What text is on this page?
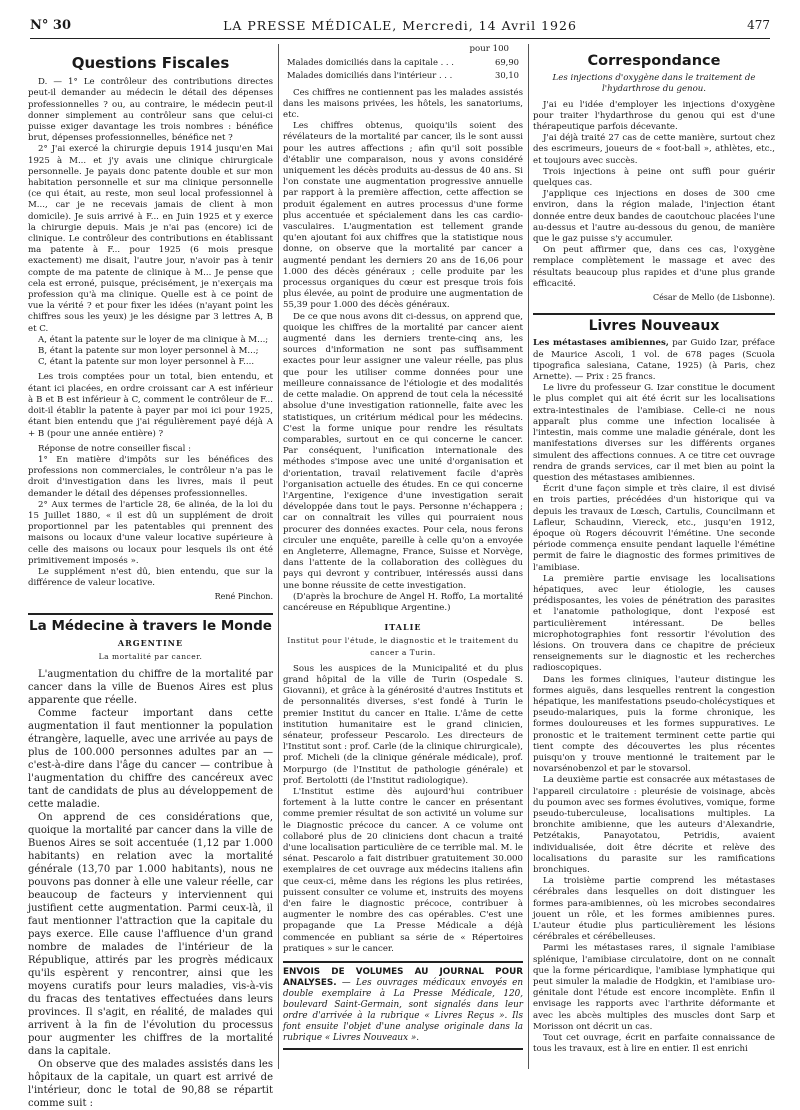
N° 30	LA PRESSE MÉDICALE, Mercredi, 14 Avril 1926	477
Questions Fiscales

D. — 1° Le contrôleur des contributions directes peut-il demander au médecin le détail des dépenses professionnelles ? ou, au contraire, le médecin peut-il donner simplement au contrôleur sans que celui-ci puisse exiger davantage les trois nombres : bénéfice brut, dépenses professionnelles, bénéfice net ?

2° J'ai exercé la chirurgie depuis 1914 jusqu'en Mai 1925 à M... et j'y avais une clinique chirurgicale personnelle. Je payais donc patente double et sur mon habitation personnelle et sur ma clinique personnelle (ce qui était, au reste, mon seul local professionnel à M..., car je ne recevais jamais de client à mon domicile). Je suis arrivé à F... en Juin 1925 et y exerce la chirurgie depuis. Mais je n'ai pas (encore) ici de clinique. Le contrôleur des contributions en établissant ma patente à F... pour 1925 (6 mois presque exactement) me disait, l'autre jour, n'avoir pas à tenir compte de ma patente de clinique à M... Je pense que cela est erroné, puisque, précisément, je n'exerçais ma profession qu'à ma clinique. Quelle est à ce point de vue la vérité ? et pour fixer les idées (n'ayant point les chiffres sous les yeux) je les désigne par 3 lettres A, B et C.

A, étant la patente sur le loyer de ma clinique à M...;

B, étant la patente sur mon loyer personnel à M...;

C, étant la patente sur mon loyer personnel à F....

Les trois comptées pour un total, bien entendu, et étant ici placées, en ordre croissant car A est inférieur à B et B est inférieur à C, comment le contrôleur de F... doit-il établir la patente à payer par moi ici pour 1925, étant bien entendu que j'ai régulièrement payé déjà A + B (pour une année entière) ?

Réponse de notre conseiller fiscal :

1° En matière d'impôts sur les bénéfices des professions non commerciales, le contrôleur n'a pas le droit d'investigation dans les livres, mais il peut demander le détail des dépenses professionnelles.

2° Aux termes de l'article 28, 6e alinéa, de la loi du 15 Juillet 1880, « il est dû un supplément de droit proportionnel par les patentables qui prennent des maisons ou locaux d'une valeur locative supérieure à celle des maisons ou locaux pour lesquels ils ont été primitivement imposés ».

Le supplément n'est dû, bien entendu, que sur la différence de valeur locative.

René Pinchon.
La Médecine à travers le Monde
ARGENTINE
La mortalité par cancer.

L'augmentation du chiffre de la mortalité par cancer dans la ville de Buenos Aires est plus apparente que réelle.

Comme facteur important dans cette augmentation il faut mentionner la population étrangère, laquelle, avec une arrivée au pays de plus de 100.000 personnes adultes par an — c'est-à-dire dans l'âge du cancer — contribue à l'augmentation du chiffre des cancéreux avec tant de candidats de plus au développement de cette maladie.

On apprend de ces considérations que, quoique la mortalité par cancer dans la ville de Buenos Aires se soit accentuée (1,12 par 1.000 habitants) en relation avec la mortalité générale (13,70 par 1.000 habitants), nous ne pouvons pas donner à elle une valeur réelle, car beaucoup de facteurs y interviennent qui justifient cette augmentation. Parmi ceux-là, il faut mentionner l'attraction que la capitale du pays exerce. Elle cause l'affluence d'un grand nombre de malades de l'intérieur de la République, attirés par les progrès médicaux qu'ils espèrent y rencontrer, ainsi que les moyens curatifs pour leurs maladies, vis-à-vis du fracas des tentatives effectuées dans leurs provinces. Il s'agit, en réalité, de malades qui arrivent à la fin de l'évolution du processus pour augmenter les chiffres de la mortalité dans la capitale.

On observe que des malades assistés dans les hôpitaux de la capitale, un quart est arrivé de l'intérieur, donc le total de 90,88 se répartit comme suit :

pour 100
Malades domiciliés dans la capitale . . .	69,90
Malades domiciliés dans l'intérieur . . .	30,10

Ces chiffres ne contiennent pas les malades assistés dans les maisons privées, les hôtels, les sanatoriums, etc.

Les chiffres obtenus, quoiqu'ils soient des révélateurs de la mortalité par cancer, ils le sont aussi pour les autres affections ; afin qu'il soit possible d'établir une comparaison, nous y avons considéré uniquement les décès produits au-dessus de 40 ans. Si l'on constate une augmentation progressive annuelle par rapport à la première affection, cette affection se produit également en autres processus d'une forme plus accentuée et spécialement dans les cas cardio-vasculaires. L'augmentation est tellement grande qu'en ajoutant foi aux chiffres que la statistique nous donne, on observe que la mortalité par cancer a augmenté pendant les derniers 20 ans de 16,06 pour 1.000 des décès généraux ; celle produite par les processus organiques du cœur est presque trois fois plus élevée, au point de produire une augmentation de 55,39 pour 1.000 des décès généraux.

De ce que nous avons dit ci-dessus, on apprend que, quoique les chiffres de la mortalité par cancer aient augmenté dans les derniers trente-cinq ans, les sources d'information ne sont pas suffisamment exactes pour leur assigner une valeur réelle, pas plus que pour les utiliser comme données pour une meilleure connaissance de l'étiologie et des modalités de cette maladie. On apprend de tout cela la nécessité absolue d'une investigation rationnelle, faite avec les statistiques, un critérium médical pour les médecins. C'est la forme unique pour rendre les résultats comparables, surtout en ce qui concerne le cancer. Par conséquent, l'unification internationale des méthodes s'impose avec une unité d'organisation et d'orientation, travail relativement facile d'après l'organisation actuelle des études. En ce qui concerne l'Argentine, l'exigence d'une investigation serait développée dans tout le pays. Personne n'échappera ; car on connaîtrait les villes qui pourraient nous procurer des données exactes. Pour cela, nous ferons circuler une enquête, pareille à celle qu'on a envoyée en Angleterre, Allemagne, France, Suisse et Norvège, dans l'attente de la collaboration des collègues du pays qui devront y contribuer, intéressés aussi dans une bonne réussite de cette investigation.

(D'après la brochure de Angel H. Roffo, La mortalité cancéreuse en République Argentine.)

ITALIE
Institut pour l'étude, le diagnostic et le traitement du cancer a Turin.

Sous les auspices de la Municipalité et du plus grand hôpital de la ville de Turin (Ospedale S. Giovanni), et grâce à la générosité d'autres Instituts et de personnalités diverses, s'est fondé à Turin le premier Institut du cancer en Italie. L'âme de cette institution humanitaire est le grand clinicien, sénateur, professeur Pescarolo. Les directeurs de l'Institut sont : prof. Carle (de la clinique chirurgicale), prof. Micheli (de la clinique générale médicale), prof. Morpurgo (de l'Institut de pathologie générale) et prof. Bertolotti (de l'Institut radiologique).

L'Institut estime dès aujourd'hui contribuer fortement à la lutte contre le cancer en présentant comme premier résultat de son activité un volume sur le Diagnostic précoce du cancer. A ce volume ont collaboré plus de 20 cliniciens dont chacun a traité d'une localisation particulière de ce terrible mal. M. le sénat. Pescarolo a fait distribuer gratuitement 30.000 exemplaires de cet ouvrage aux médecins italiens afin que ceux-ci, même dans les régions les plus retirées, puissent consulter ce volume et, instruits des moyens d'en faire le diagnostic précoce, contribuer à augmenter le nombre des cas opérables. C'est une propagande que La Presse Médicale a déjà commencée en publiant sa série de « Répertoires pratiques » sur le cancer.

ENVOIS DE VOLUMES AU JOURNAL POUR ANALYSES. — Les ouvrages médicaux envoyés en double exemplaire à La Presse Médicale, 120, boulevard Saint-Germain, sont signalés dans leur ordre d'arrivée à la rubrique « Livres Reçus ». Ils font ensuite l'objet d'une analyse originale dans la rubrique « Livres Nouveaux ».
Correspondance

Les injections d'oxygène dans le traitement de l'hydarthrose du genou.

J'ai eu l'idée d'employer les injections d'oxygène pour traiter l'hydarthrose du genou qui est d'une thérapeutique parfois décevante.

J'ai déjà traité 27 cas de cette manière, surtout chez des escrimeurs, joueurs de « foot-ball », athlètes, etc., et toujours avec succès.

Trois injections à peine ont suffi pour guérir quelques cas.

J'applique ces injections en doses de 300 cme environ, dans la région malade, l'injection étant donnée entre deux bandes de caoutchouc placées l'une au-dessus et l'autre au-dessous du genou, de manière que le gaz puisse s'y accumuler.

On peut affirmer que, dans ces cas, l'oxygène remplace complètement le massage et avec des résultats beaucoup plus rapides et d'une plus grande efficacité.

César de Mello (de Lisbonne).
Livres Nouveaux

Les métastases amibiennes, par Guido Izar, préface de Maurice Ascoli, 1 vol. de 678 pages (Scuola tipografica salesiana, Catane, 1925) (à Paris, chez Arnette). — Prix : 25 francs.

Le livre du professeur G. Izar constitue le document le plus complet qui ait été écrit sur les localisations extra-intestinales de l'amibiase. Celle-ci ne nous apparaît plus comme une infection localisée à l'intestin, mais comme une maladie générale, dont les manifestations diverses sur les différents organes simulent des affections connues. A ce titre cet ouvrage rendra de grands services, car il met bien au point la question des métastases amibiennes.

Écrit d'une façon simple et très claire, il est divisé en trois parties, précédées d'un historique qui va depuis les travaux de Lœsch, Cartulis, Councilmann et Lafleur, Schaudinn, Viereck, etc., jusqu'en 1912, époque où Rogers découvrit l'émétine. Une seconde période commença ensuite pendant laquelle l'émétine permit de faire le diagnostic des formes primitives de l'amibiase.

La première partie envisage les localisations hépatiques, avec leur étiologie, les causes prédisposantes, les voies de pénétration des parasites et l'anatomie pathologique, dont l'exposé est particulièrement intéressant. De belles microphotographies font ressortir l'évolution des lésions. On trouvera dans ce chapitre de précieux renseignements sur le diagnostic et les recherches radioscopiques.

Dans les formes cliniques, l'auteur distingue les formes aiguës, dans lesquelles rentrent la congestion hépatique, les manifestations pseudo-cholécystiques et pseudo-malariques, puis la forme chronique, les formes douloureuses et les formes suppuratives. Le pronostic et le traitement terminent cette partie qui tient compte des découvertes les plus récentes puisqu'on y trouve mentionné le traitement par le novarsénobenzol et par le stovarsol.

La deuxième partie est consacrée aux métastases de l'appareil circulatoire : pleurésie de voisinage, abcès du poumon avec ses formes évolutives, vomique, forme pseudo-tuberculeuse, localisations multiples. La bronchite amibienne, que les auteurs d'Alexandrie, Petzétakis, Panayotatou, Petridis, avaient individualisée, doit être décrite et relève des localisations du parasite sur les ramifications bronchiques.

La troisième partie comprend les métastases cérébrales dans lesquelles on doit distinguer les formes para-amibiennes, où les microbes secondaires jouent un rôle, et les formes amibiennes pures. L'auteur étudie plus particulièrement les lésions cérébrales et cérébelleuses.

Parmi les métastases rares, il signale l'amibiase splénique, l'amibiase circulatoire, dont on ne connaît que la forme péricardique, l'amibiase lymphatique qui peut simuler la maladie de Hodgkin, et l'amibiase uro-génitale dont l'étude est encore incomplète. Enfin il envisage les rapports avec l'arthrite déformante et avec les abcès multiples des muscles dont Sarp et Morisson ont décrit un cas.

Tout cet ouvrage, écrit en parfaite connaissance de tous les travaux, est à lire en entier. Il est enrichi
